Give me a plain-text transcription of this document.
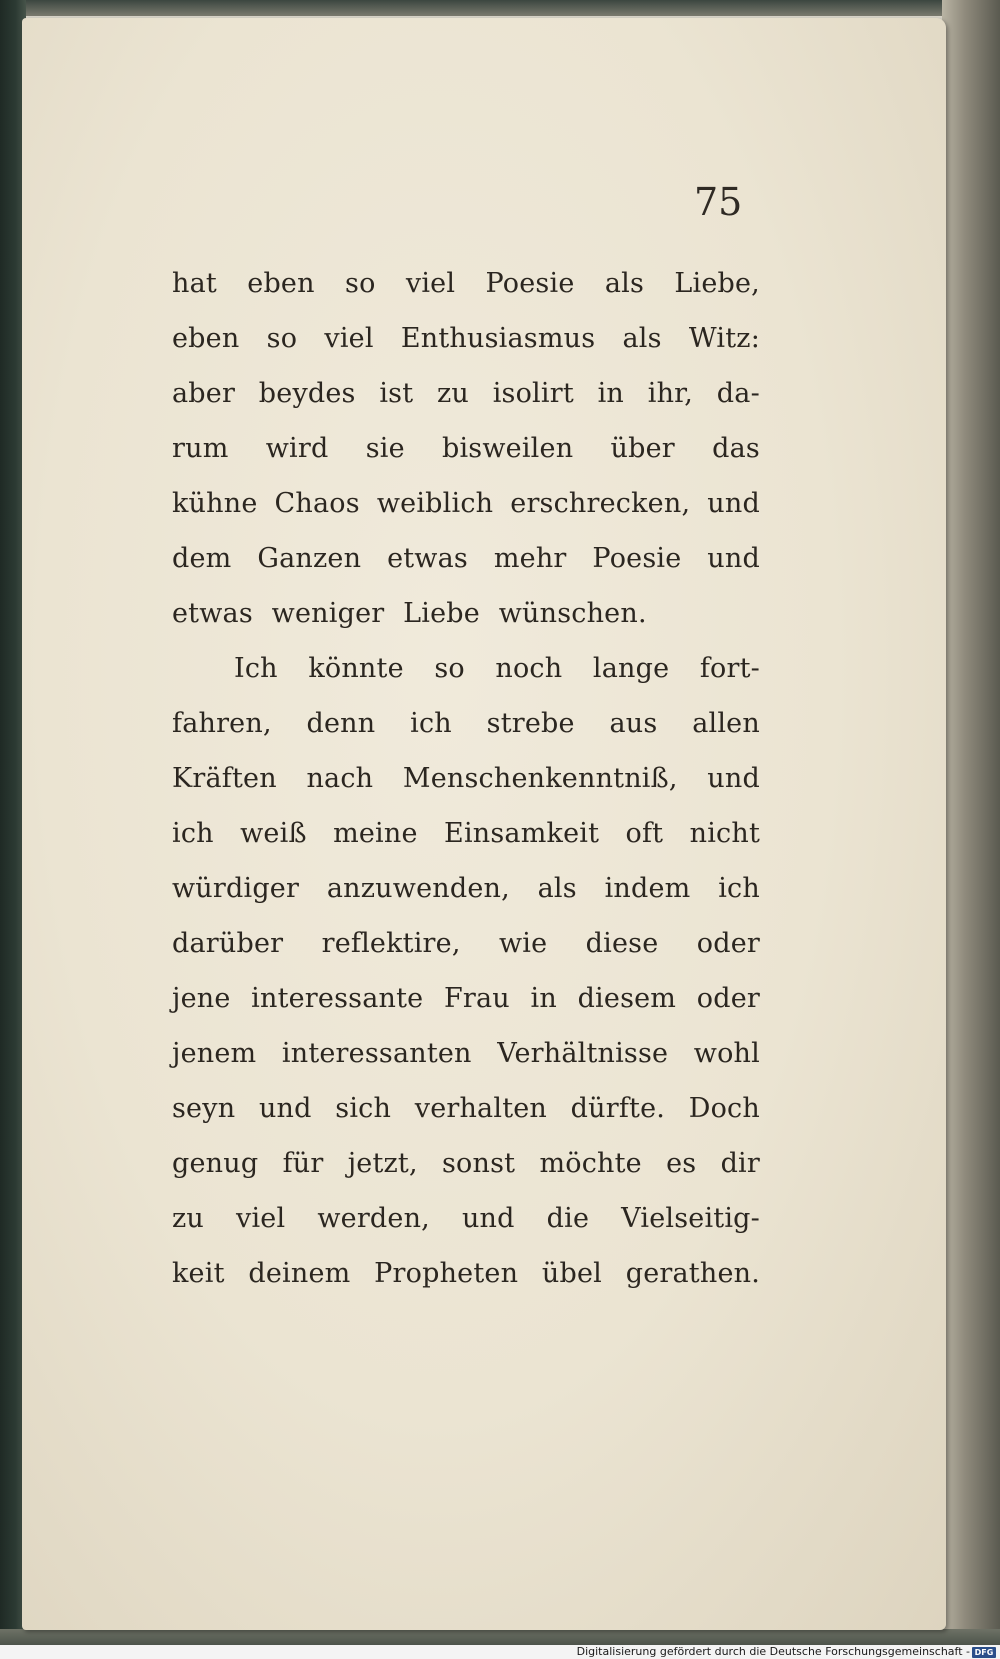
75
hat eben so viel Poesie als Liebe,
eben so viel Enthusiasmus als Witz:
aber beydes ist zu isolirt in ihr, da-
rum wird sie bisweilen über das
kühne Chaos weiblich erschrecken, und
dem Ganzen etwas mehr Poesie und
etwas weniger Liebe wünschen.
Ich könnte so noch lange fort-
fahren, denn ich strebe aus allen
Kräften nach Menschenkenntniß, und
ich weiß meine Einsamkeit oft nicht
würdiger anzuwenden, als indem ich
darüber reflektire, wie diese oder
jene interessante Frau in diesem oder
jenem interessanten Verhältnisse wohl
seyn und sich verhalten dürfte. Doch
genug für jetzt, sonst möchte es dir
zu viel werden, und die Vielseitig-
keit deinem Propheten übel gerathen.
Digitalisierung gefördert durch die Deutsche Forschungsgemeinschaft - DFG
